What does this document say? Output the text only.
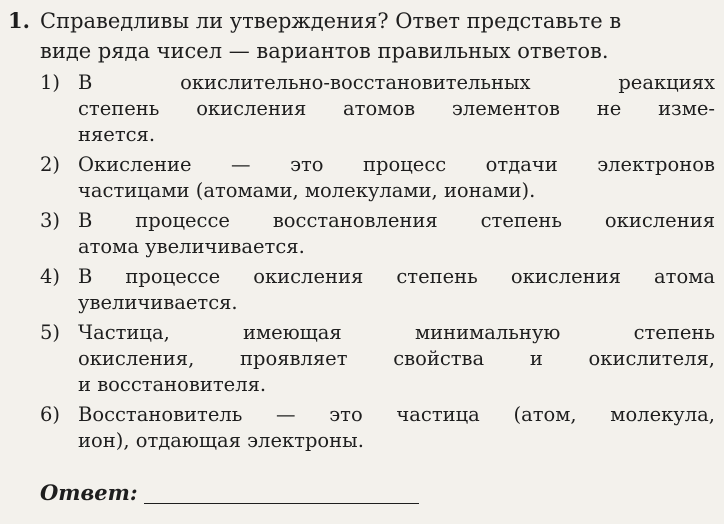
1. Справедливы ли утверждения? Ответ представьте в
виде ряда чисел — вариантов правильных ответов.
1) В окислительно-восстановительных реакциях
степень окисления атомов элементов не изме-
няется.
2) Окисление — это процесс отдачи электронов
частицами (атомами, молекулами, ионами).
3) В процессе восстановления степень окисления
атома увеличивается.
4) В процессе окисления степень окисления атома
увеличивается.
5) Частица, имеющая минимальную степень
окисления, проявляет свойства и окислителя,
и восстановителя.
6) Восстановитель — это частица (атом, молекула,
ион), отдающая электроны.
Ответ:
